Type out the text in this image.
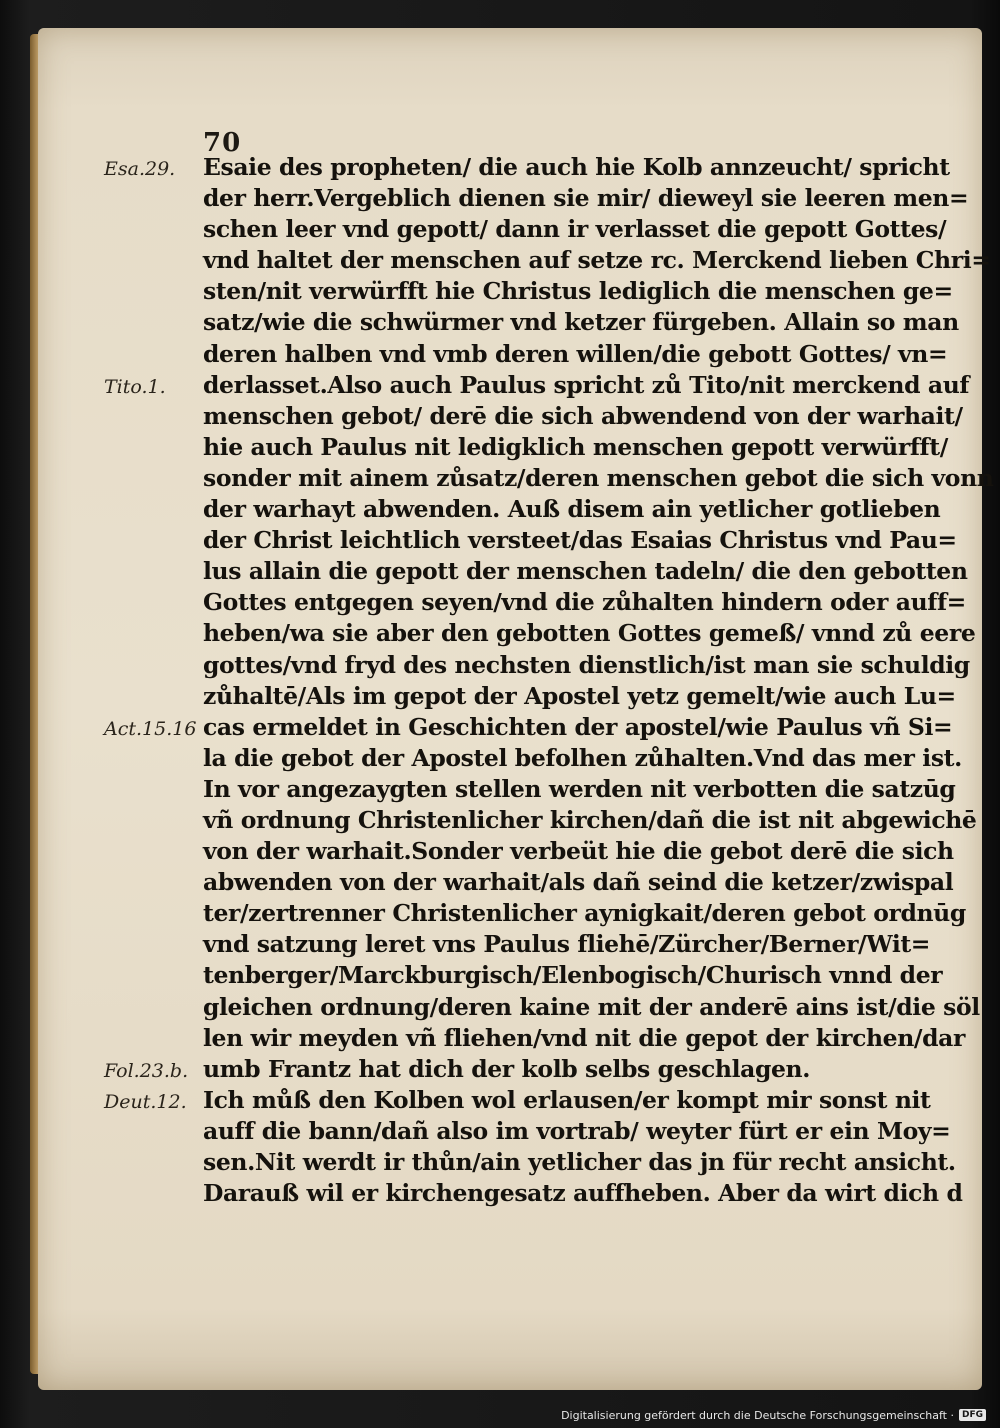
70
Esa.29.
Tito.1.
Act.15.16
Fol.23.b.
Deut.12.
Esaie des propheten/ die auch hie Kolb annzeucht/ spricht
der herr.Vergeblich dienen sie mir/ dieweyl sie leeren men=
schen leer vnd gepott/ dann ir verlasset die gepott Gottes/
vnd haltet der menschen auf setze rc. Merckend lieben Chri=
sten/nit verwürfft hie Christus lediglich die menschen ge=
satz/wie die schwürmer vnd ketzer fürgeben. Allain so man
deren halben vnd vmb deren willen/die gebott Gottes/ vn=
derlasset.Also auch Paulus spricht zů Tito/nit merckend auf
menschen gebot/ derē die sich abwendend von der warhait/
hie auch Paulus nit ledigklich menschen gepott verwürfft/
sonder mit ainem zůsatz/deren menschen gebot die sich vonn
der warhayt abwenden. Auß disem ain yetlicher gotlieben
der Christ leichtlich versteet/das Esaias Christus vnd Pau=
lus allain die gepott der menschen tadeln/ die den gebotten
Gottes entgegen seyen/vnd die zůhalten hindern oder auff=
heben/wa sie aber den gebotten Gottes gemeß/ vnnd zů eere
gottes/vnd fryd des nechsten dienstlich/ist man sie schuldig
zůhaltē/Als im gepot der Apostel yetz gemelt/wie auch Lu=
cas ermeldet in Geschichten der apostel/wie Paulus vñ Si=
la die gebot der Apostel befolhen zůhalten.Vnd das mer ist.
In vor angezaygten stellen werden nit verbotten die satzūg
vñ ordnung Christenlicher kirchen/dañ die ist nit abgewichē
von der warhait.Sonder verbeüt hie die gebot derē die sich
abwenden von der warhait/als dañ seind die ketzer/zwispal
ter/zertrenner Christenlicher aynigkait/deren gebot ordnūg
vnd satzung leret vns Paulus fliehē/Zürcher/Berner/Wit=
tenberger/Marckburgisch/Elenbogisch/Churisch vnnd der
gleichen ordnung/deren kaine mit der anderē ains ist/die söl
len wir meyden vñ fliehen/vnd nit die gepot der kirchen/dar
umb Frantz hat dich der kolb selbs geschlagen.
Ich můß den Kolben wol erlausen/er kompt mir sonst nit
auff die bann/dañ also im vortrab/ weyter fürt er ein Moy=
sen.Nit werdt ir thůn/ain yetlicher das jn für recht ansicht.
Darauß wil er kirchengesatz auffheben. Aber da wirt dich d
Digitalisierung gefördert durch die Deutsche Forschungsgemeinschaft · DFG
